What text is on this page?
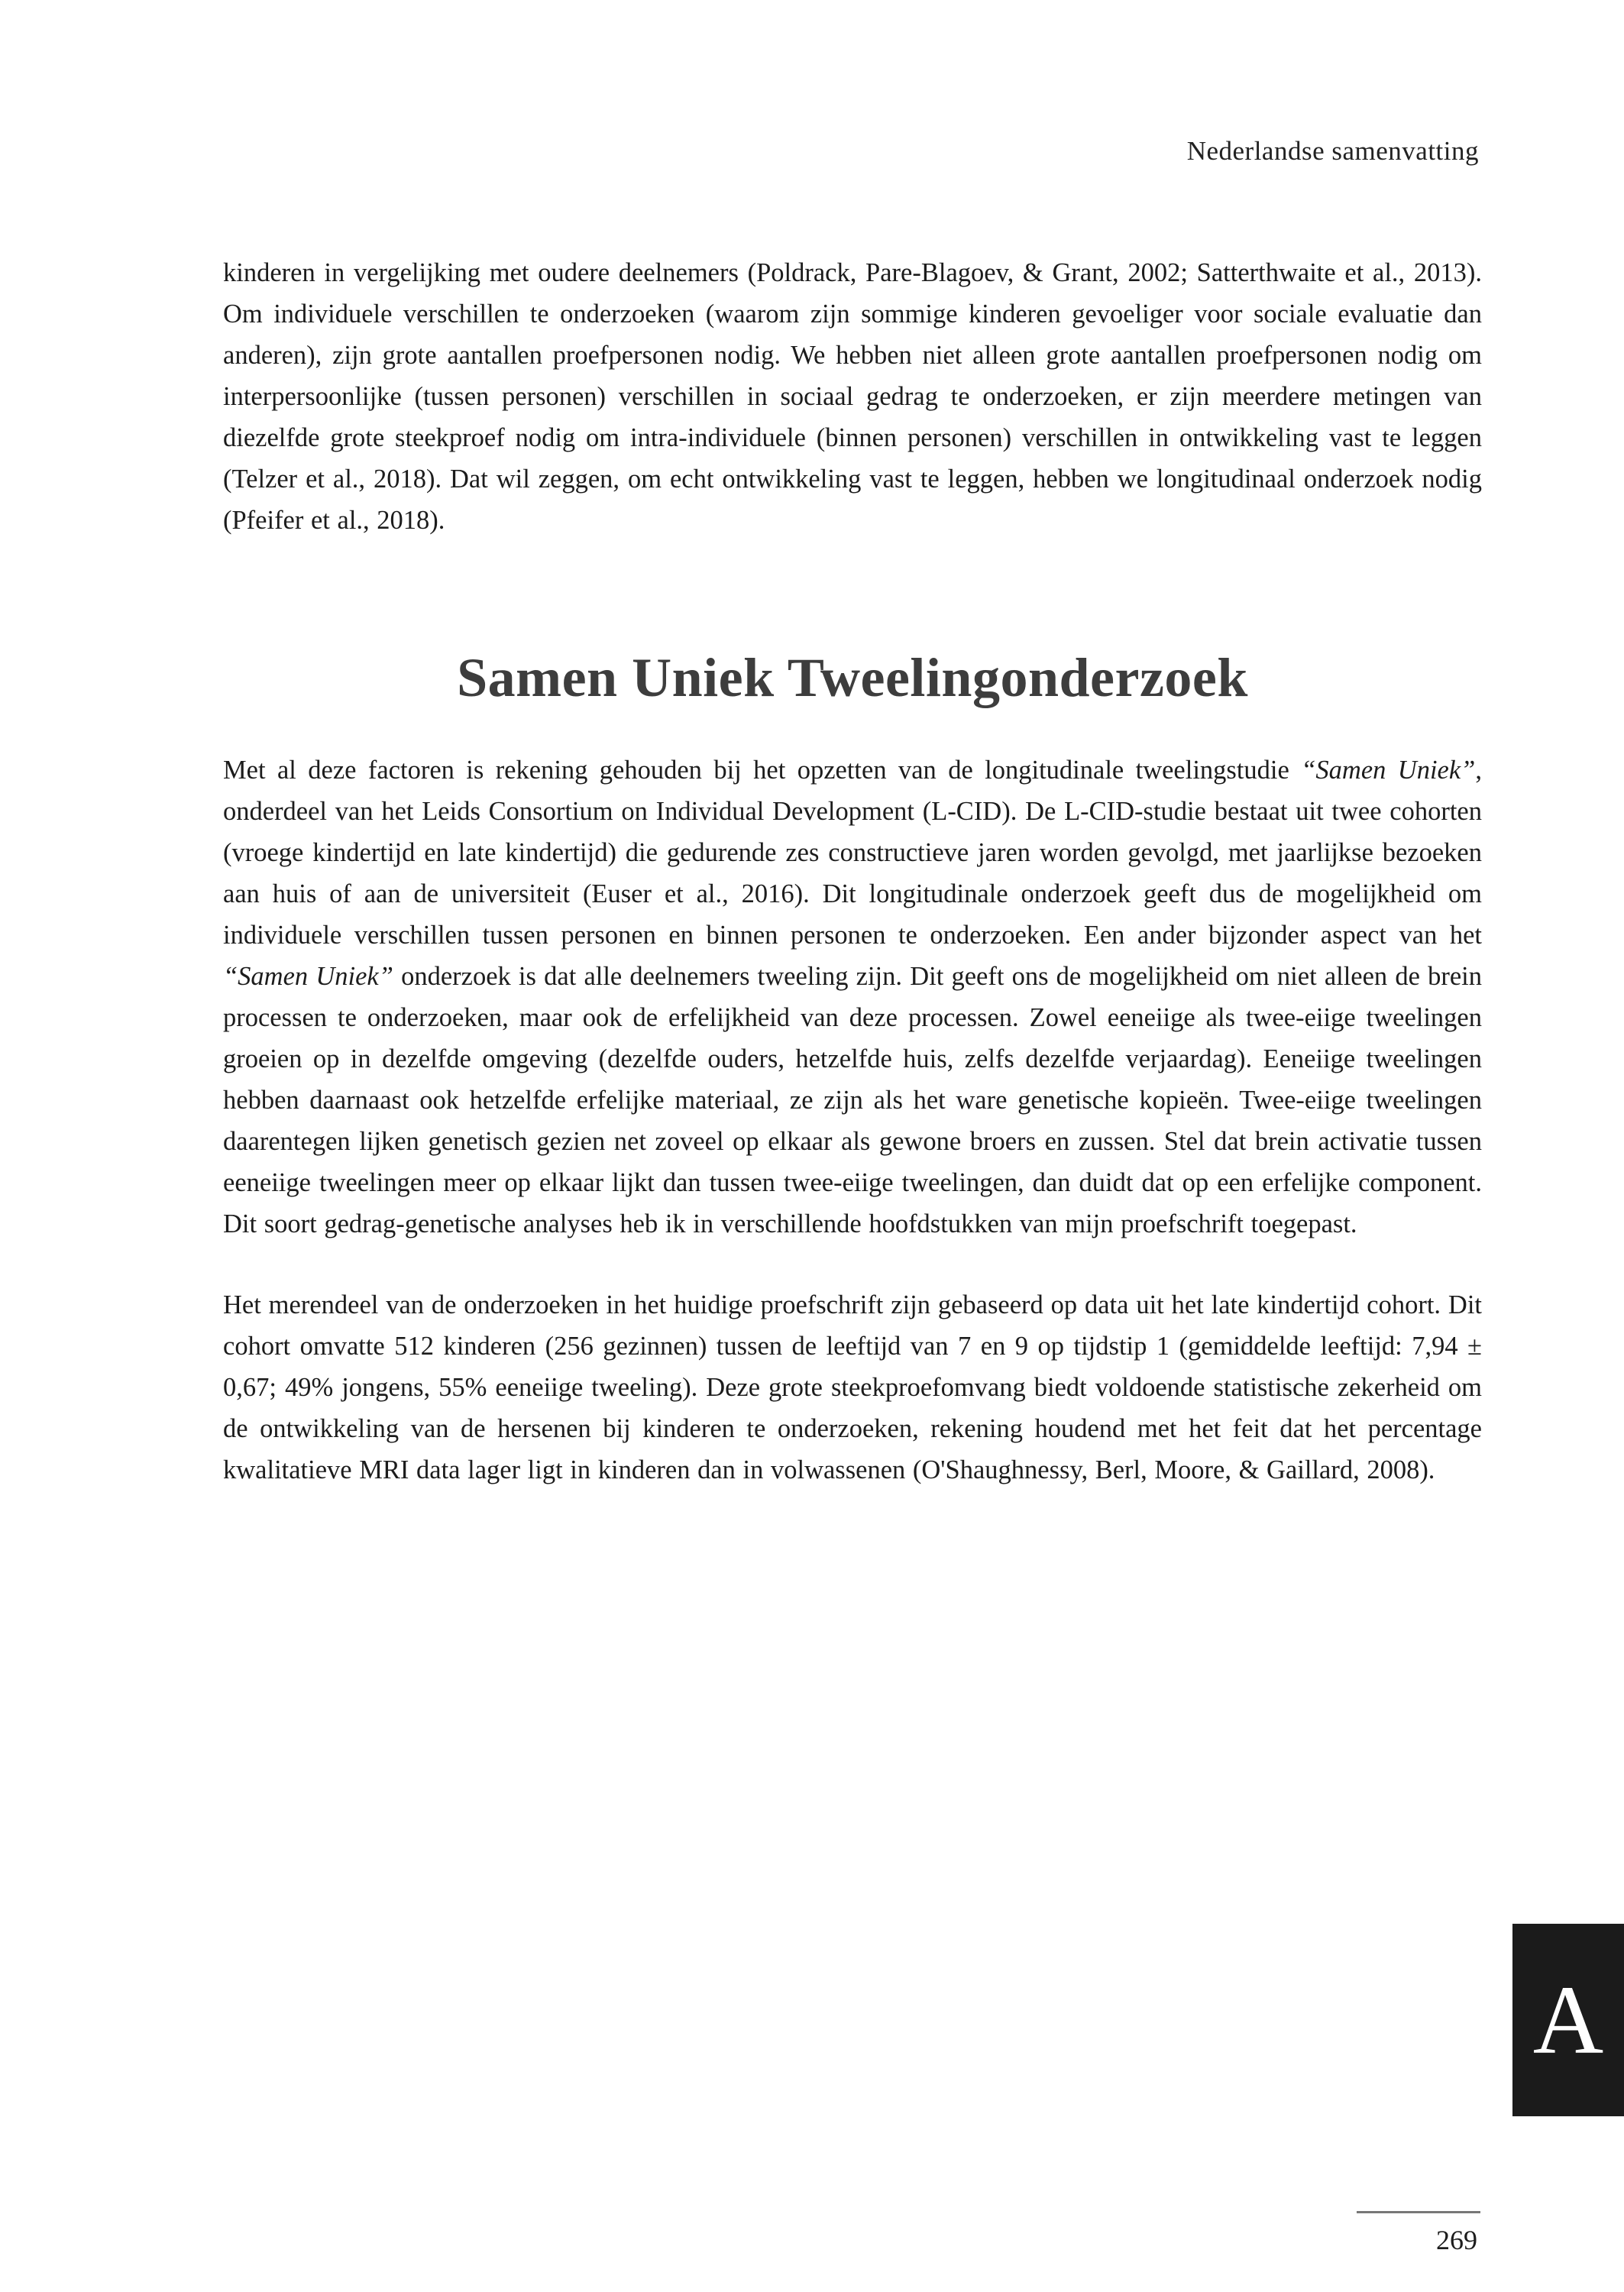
Nederlandse samenvatting

kinderen in vergelijking met oudere deelnemers (Poldrack, Pare-Blagoev, & Grant, 2002; Satterthwaite et al., 2013). Om individuele verschillen te onderzoeken (waarom zijn sommige kinderen gevoeliger voor sociale evaluatie dan anderen), zijn grote aantallen proefpersonen nodig. We hebben niet alleen grote aantallen proefpersonen nodig om interpersoonlijke (tussen personen) verschillen in sociaal gedrag te onderzoeken, er zijn meerdere metingen van diezelfde grote steekproef nodig om intra-individuele (binnen personen) verschillen in ontwikkeling vast te leggen (Telzer et al., 2018). Dat wil zeggen, om echt ontwikkeling vast te leggen, hebben we longitudinaal onderzoek nodig (Pfeifer et al., 2018).

Samen Uniek Tweelingonderzoek

Met al deze factoren is rekening gehouden bij het opzetten van de longitudinale tweelingstudie “Samen Uniek”, onderdeel van het Leids Consortium on Individual Development (L-CID). De L-CID-studie bestaat uit twee cohorten (vroege kindertijd en late kindertijd) die gedurende zes constructieve jaren worden gevolgd, met jaarlijkse bezoeken aan huis of aan de universiteit (Euser et al., 2016). Dit longitudinale onderzoek geeft dus de mogelijkheid om individuele verschillen tussen personen en binnen personen te onderzoeken. Een ander bijzonder aspect van het “Samen Uniek” onderzoek is dat alle deelnemers tweeling zijn. Dit geeft ons de mogelijkheid om niet alleen de brein processen te onderzoeken, maar ook de erfelijkheid van deze processen. Zowel eeneiige als twee-eiige tweelingen groeien op in dezelfde omgeving (dezelfde ouders, hetzelfde huis, zelfs dezelfde verjaardag). Eeneiige tweelingen hebben daarnaast ook hetzelfde erfelijke materiaal, ze zijn als het ware genetische kopieën. Twee-eiige tweelingen daarentegen lijken genetisch gezien net zoveel op elkaar als gewone broers en zussen. Stel dat brein activatie tussen eeneiige tweelingen meer op elkaar lijkt dan tussen twee-eiige tweelingen, dan duidt dat op een erfelijke component. Dit soort gedrag-genetische analyses heb ik in verschillende hoofdstukken van mijn proefschrift toegepast.

Het merendeel van de onderzoeken in het huidige proefschrift zijn gebaseerd op data uit het late kindertijd cohort. Dit cohort omvatte 512 kinderen (256 gezinnen) tussen de leeftijd van 7 en 9 op tijdstip 1 (gemiddelde leeftijd: 7,94 ± 0,67; 49% jongens, 55% eeneiige tweeling). Deze grote steekproefomvang biedt voldoende statistische zekerheid om de ontwikkeling van de hersenen bij kinderen te onderzoeken, rekening houdend met het feit dat het percentage kwalitatieve MRI data lager ligt in kinderen dan in volwassenen (O'Shaughnessy, Berl, Moore, & Gaillard, 2008).

A
269
